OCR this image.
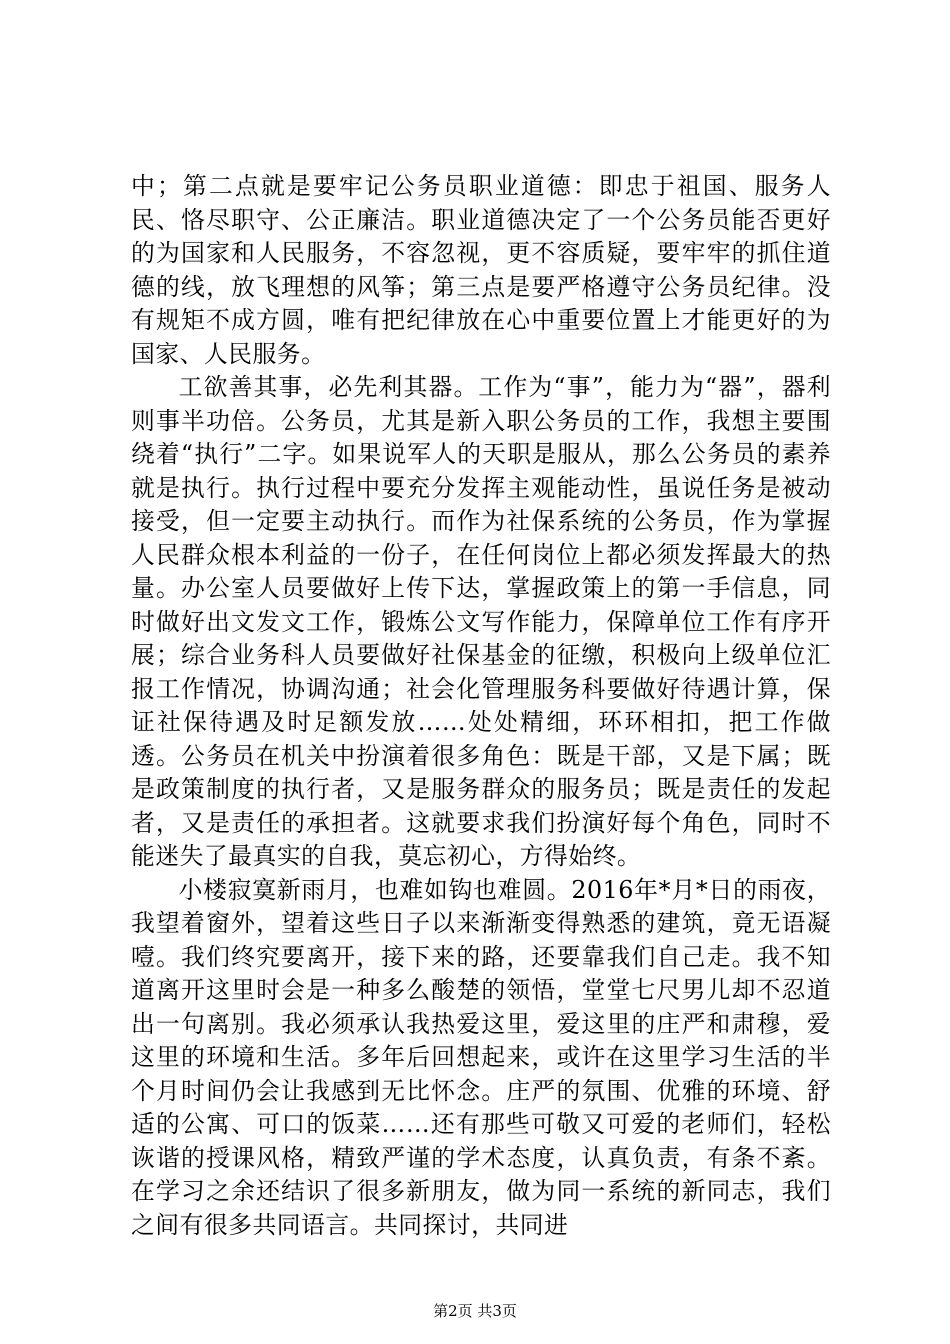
中；第二点就是要牢记公务员职业道德：即忠于祖国、服务人民、恪尽职守、公正廉洁。职业道德决定了一个公务员能否更好的为国家和人民服务，不容忽视，更不容质疑，要牢牢的抓住道德的线，放飞理想的风筝；第三点是要严格遵守公务员纪律。没有规矩不成方圆，唯有把纪律放在心中重要位置上才能更好的为国家、人民服务。

工欲善其事，必先利其器。工作为“事”，能力为“器”，器利则事半功倍。公务员，尤其是新入职公务员的工作，我想主要围绕着“执行”二字。如果说军人的天职是服从，那么公务员的素养就是执行。执行过程中要充分发挥主观能动性，虽说任务是被动接受，但一定要主动执行。而作为社保系统的公务员，作为掌握人民群众根本利益的一份子，在任何岗位上都必须发挥最大的热量。办公室人员要做好上传下达，掌握政策上的第一手信息，同时做好出文发文工作，锻炼公文写作能力，保障单位工作有序开展；综合业务科人员要做好社保基金的征缴，积极向上级单位汇报工作情况，协调沟通；社会化管理服务科要做好待遇计算，保证社保待遇及时足额发放……处处精细，环环相扣，把工作做透。公务员在机关中扮演着很多角色：既是干部，又是下属；既是政策制度的执行者，又是服务群众的服务员；既是责任的发起者，又是责任的承担者。这就要求我们扮演好每个角色，同时不能迷失了最真实的自我，莫忘初心，方得始终。

小楼寂寞新雨月，也难如钩也难圆。2016年*月*日的雨夜，我望着窗外，望着这些日子以来渐渐变得熟悉的建筑，竟无语凝噎。我们终究要离开，接下来的路，还要靠我们自己走。我不知道离开这里时会是一种多么酸楚的领悟，堂堂七尺男儿却不忍道出一句离别。我必须承认我热爱这里，爱这里的庄严和肃穆，爱这里的环境和生活。多年后回想起来，或许在这里学习生活的半个月时间仍会让我感到无比怀念。庄严的氛围、优雅的环境、舒适的公寓、可口的饭菜……还有那些可敬又可爱的老师们，轻松诙谐的授课风格，精致严谨的学术态度，认真负责，有条不紊。在学习之余还结识了很多新朋友，做为同一系统的新同志，我们之间有很多共同语言。共同探讨，共同进

第2页 共3页
